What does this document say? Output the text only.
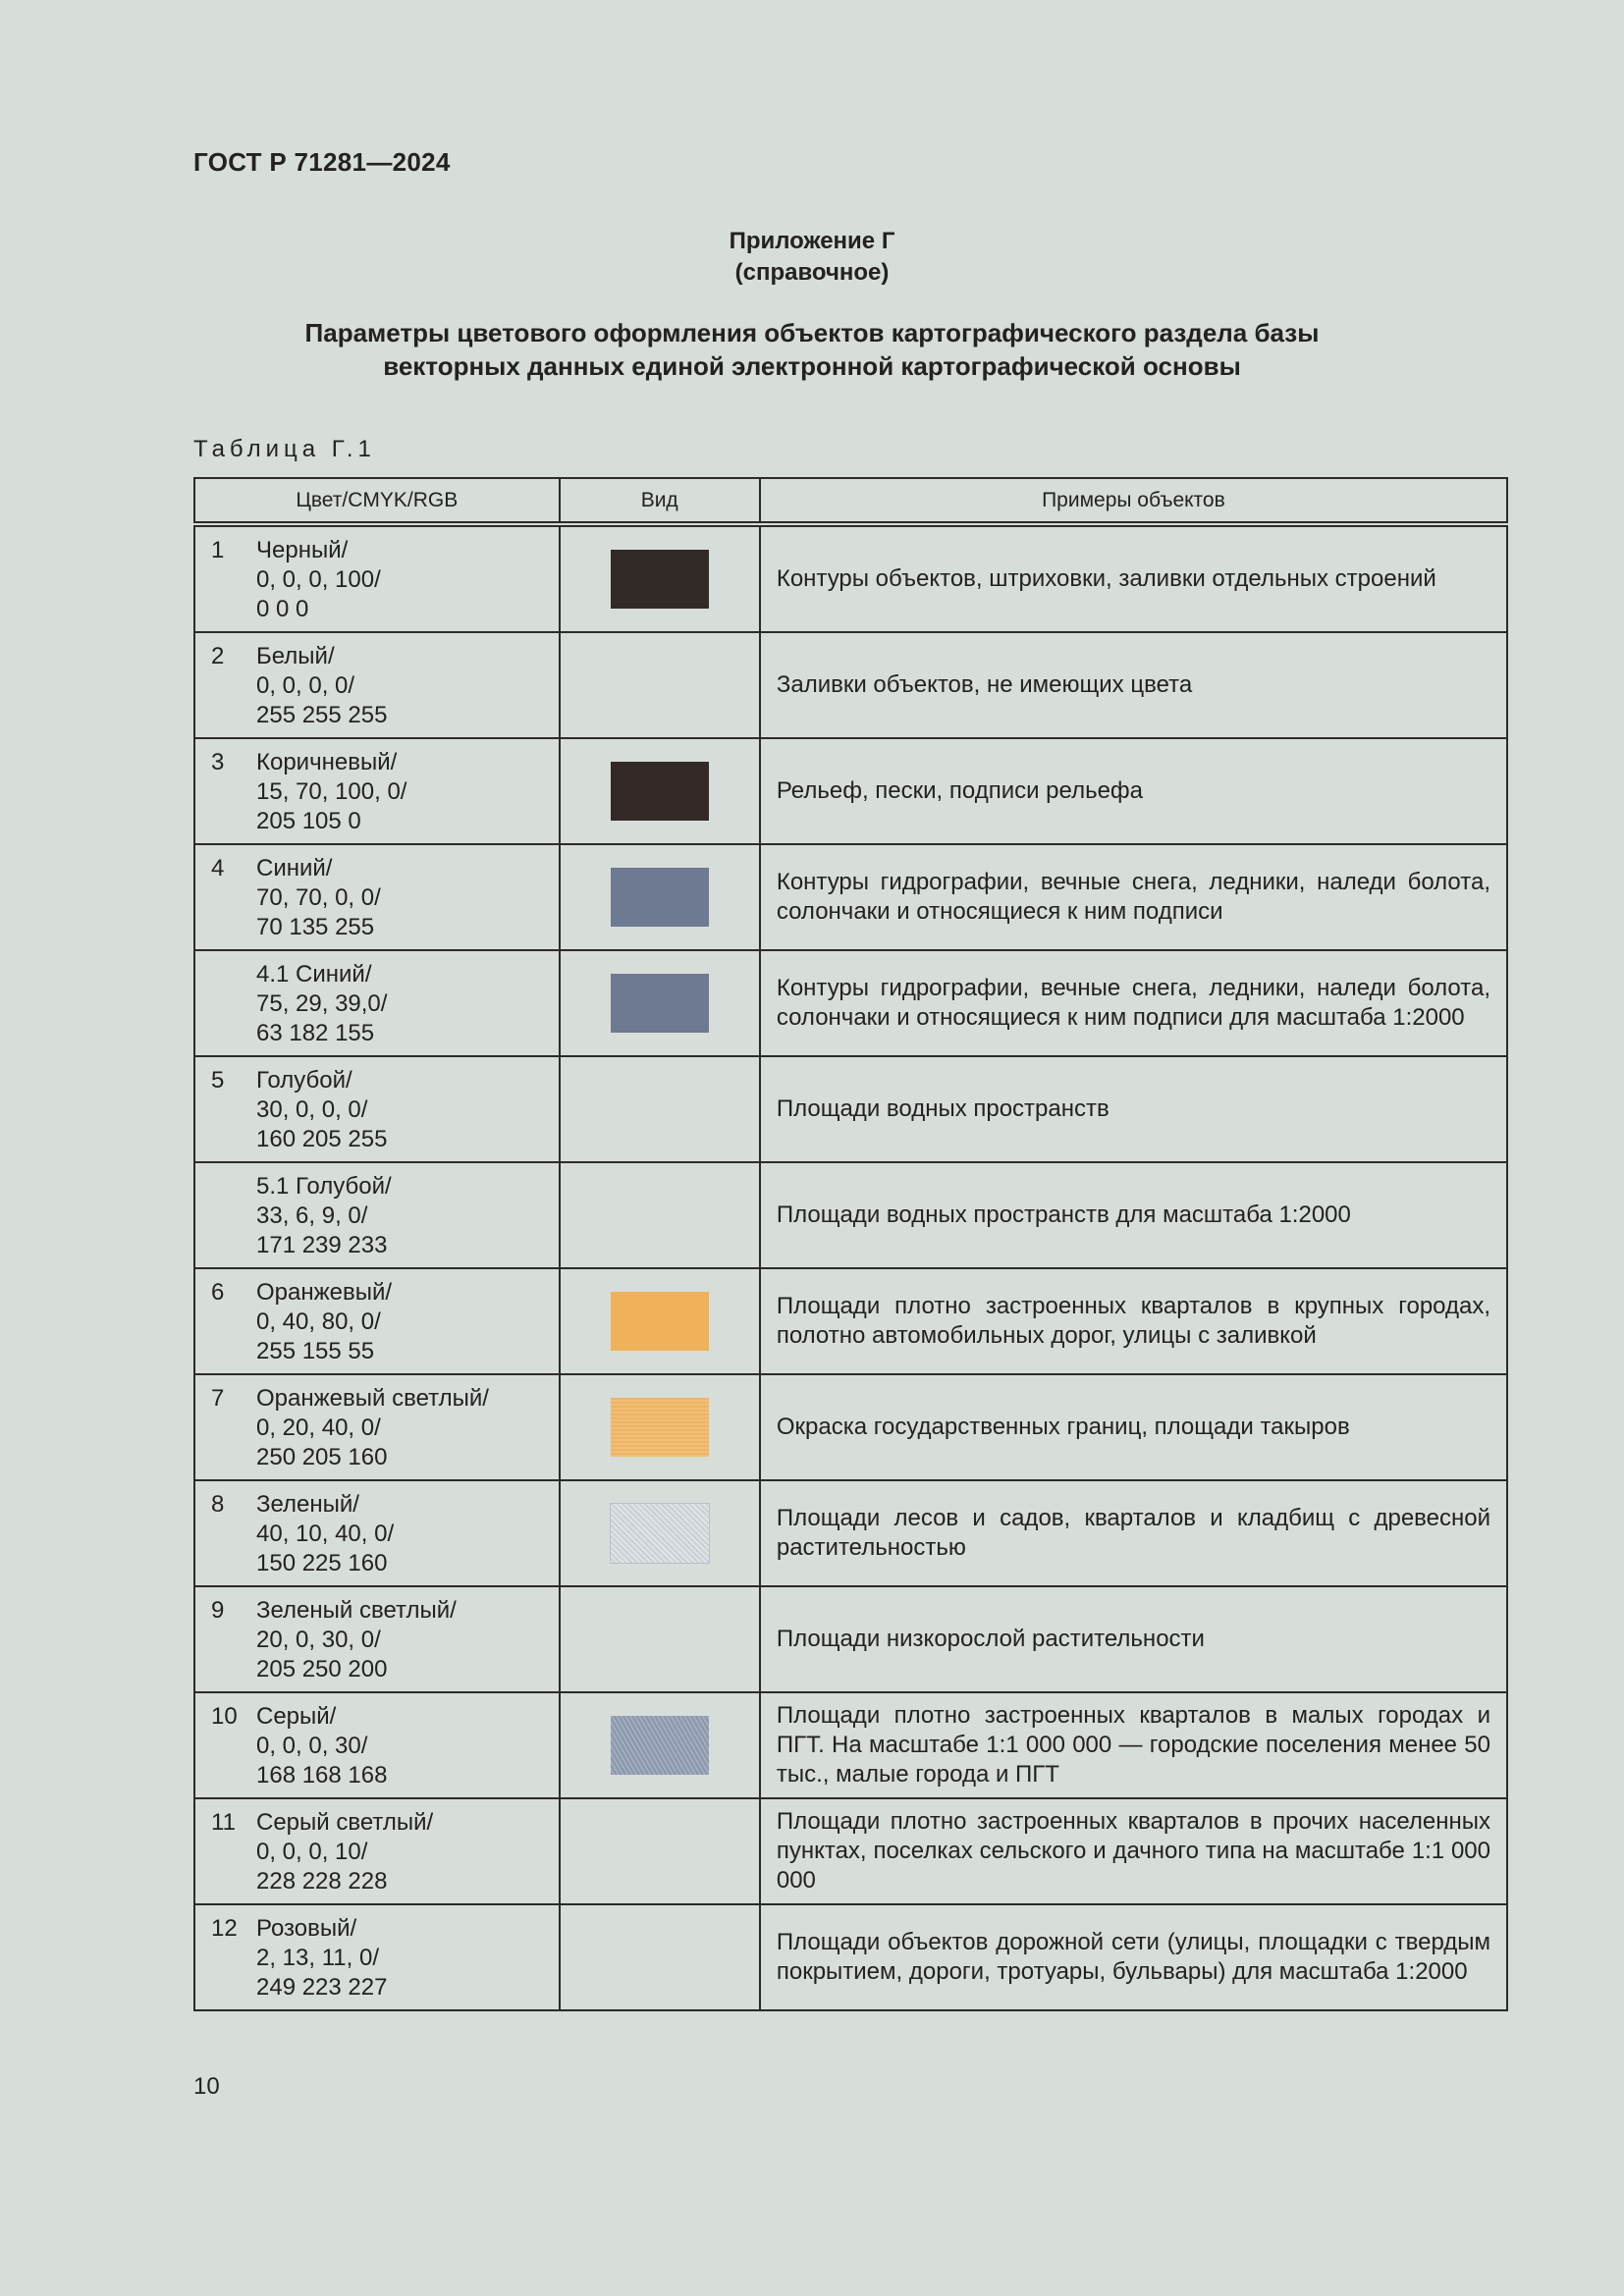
ГОСТ Р 71281—2024
Приложение Г
(справочное)
Параметры цветового оформления объектов картографического раздела базы
векторных данных единой электронной картографической основы
Таблица Г.1
Цвет/CMYK/RGB	Вид	Примеры объектов

1 Черный/
0, 0, 0, 100/
0 0 0		Контуры объектов, штриховки, заливки отдельных строений

2 Белый/
0, 0, 0, 0/
255 255 255		Заливки объектов, не имеющих цвета

3 Коричневый/
15, 70, 100, 0/
205 105 0		Рельеф, пески, подписи рельефа

4 Синий/
70, 70, 0, 0/
70 135 255		Контуры гидрографии, вечные снега, ледники, наледи болота, солончаки и относящиеся к ним подписи

4.1 Синий/
75, 29, 39,0/
63 182 155		Контуры гидрографии, вечные снега, ледники, наледи болота, солончаки и относящиеся к ним подписи для масштаба 1:2000

5 Голубой/
30, 0, 0, 0/
160 205 255		Площади водных пространств

5.1 Голубой/
33, 6, 9, 0/
171 239 233		Площади водных пространств для масштаба 1:2000

6 Оранжевый/
0, 40, 80, 0/
255 155 55		Площади плотно застроенных кварталов в крупных городах, полотно автомобильных дорог, улицы с заливкой

7 Оранжевый светлый/
0, 20, 40, 0/
250 205 160		Окраска государственных границ, площади такыров

8 Зеленый/
40, 10, 40, 0/
150 225 160		Площади лесов и садов, кварталов и кладбищ с древесной растительностью

9 Зеленый светлый/
20, 0, 30, 0/
205 250 200		Площади низкорослой растительности

10 Серый/
0, 0, 0, 30/
168 168 168		Площади плотно застроенных кварталов в малых городах и ПГТ. На масштабе 1:1 000 000 — городские поселения менее 50 тыс., малые города и ПГТ

11 Серый светлый/
0, 0, 0, 10/
228 228 228		Площади плотно застроенных кварталов в прочих населенных пунктах, поселках сельского и дачного типа на масштабе 1:1 000 000

12 Розовый/
2, 13, 11, 0/
249 223 227		Площади объектов дорожной сети (улицы, площадки с твердым покрытием, дороги, тротуары, бульвары) для масштаба 1:2000
10
